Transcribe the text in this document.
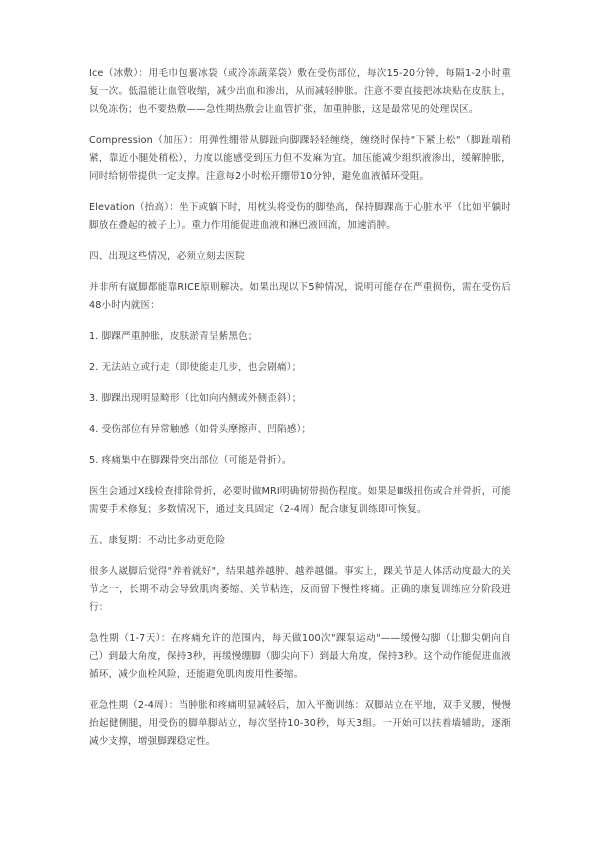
Ice（冰敷）：用毛巾包裹冰袋（或冷冻蔬菜袋）敷在受伤部位，每次15-20分钟，每隔1-2小时重复一次。低温能让血管收缩，减少出血和渗出，从而减轻肿胀。注意不要直接把冰块贴在皮肤上，以免冻伤；也不要热敷——急性期热敷会让血管扩张，加重肿胀，这是最常见的处理误区。

Compression（加压）：用弹性绷带从脚趾向脚踝轻轻缠绕，缠绕时保持"下紧上松"（脚趾端稍紧，靠近小腿处稍松），力度以能感受到压力但不发麻为宜。加压能减少组织液渗出，缓解肿胀，同时给韧带提供一定支撑。注意每2小时松开绷带10分钟，避免血液循环受阻。

Elevation（抬高）：坐下或躺下时，用枕头将受伤的脚垫高，保持脚踝高于心脏水平（比如平躺时脚放在叠起的被子上）。重力作用能促进血液和淋巴液回流，加速消肿。

四、出现这些情况，必须立刻去医院

并非所有崴脚都能靠RICE原则解决。如果出现以下5种情况，说明可能存在严重损伤，需在受伤后48小时内就医：

1. 脚踝严重肿胀，皮肤淤青呈紫黑色；

2. 无法站立或行走（即使能走几步，也会剧痛）；

3. 脚踝出现明显畸形（比如向内侧或外侧歪斜）；

4. 受伤部位有异常触感（如骨头摩擦声、凹陷感）；

5. 疼痛集中在脚踝骨突出部位（可能是骨折）。

医生会通过X线检查排除骨折，必要时做MRI明确韧带损伤程度。如果是Ⅲ级扭伤或合并骨折，可能需要手术修复；多数情况下，通过支具固定（2-4周）配合康复训练即可恢复。

五、康复期：不动比多动更危险

很多人崴脚后觉得"养着就好"，结果越养越肿、越养越僵。事实上，踝关节是人体活动度最大的关节之一，长期不动会导致肌肉萎缩、关节粘连，反而留下慢性疼痛。正确的康复训练应分阶段进行：

急性期（1-7天）：在疼痛允许的范围内，每天做100次"踝泵运动"——缓慢勾脚（让脚尖朝向自己）到最大角度，保持3秒，再缓慢绷脚（脚尖向下）到最大角度，保持3秒。这个动作能促进血液循环，减少血栓风险，还能避免肌肉废用性萎缩。

亚急性期（2-4周）：当肿胀和疼痛明显减轻后，加入平衡训练：双脚站立在平地，双手叉腰，慢慢抬起健侧腿，用受伤的脚单脚站立，每次坚持10-30秒，每天3组。一开始可以扶着墙辅助，逐渐减少支撑，增强脚踝稳定性。
